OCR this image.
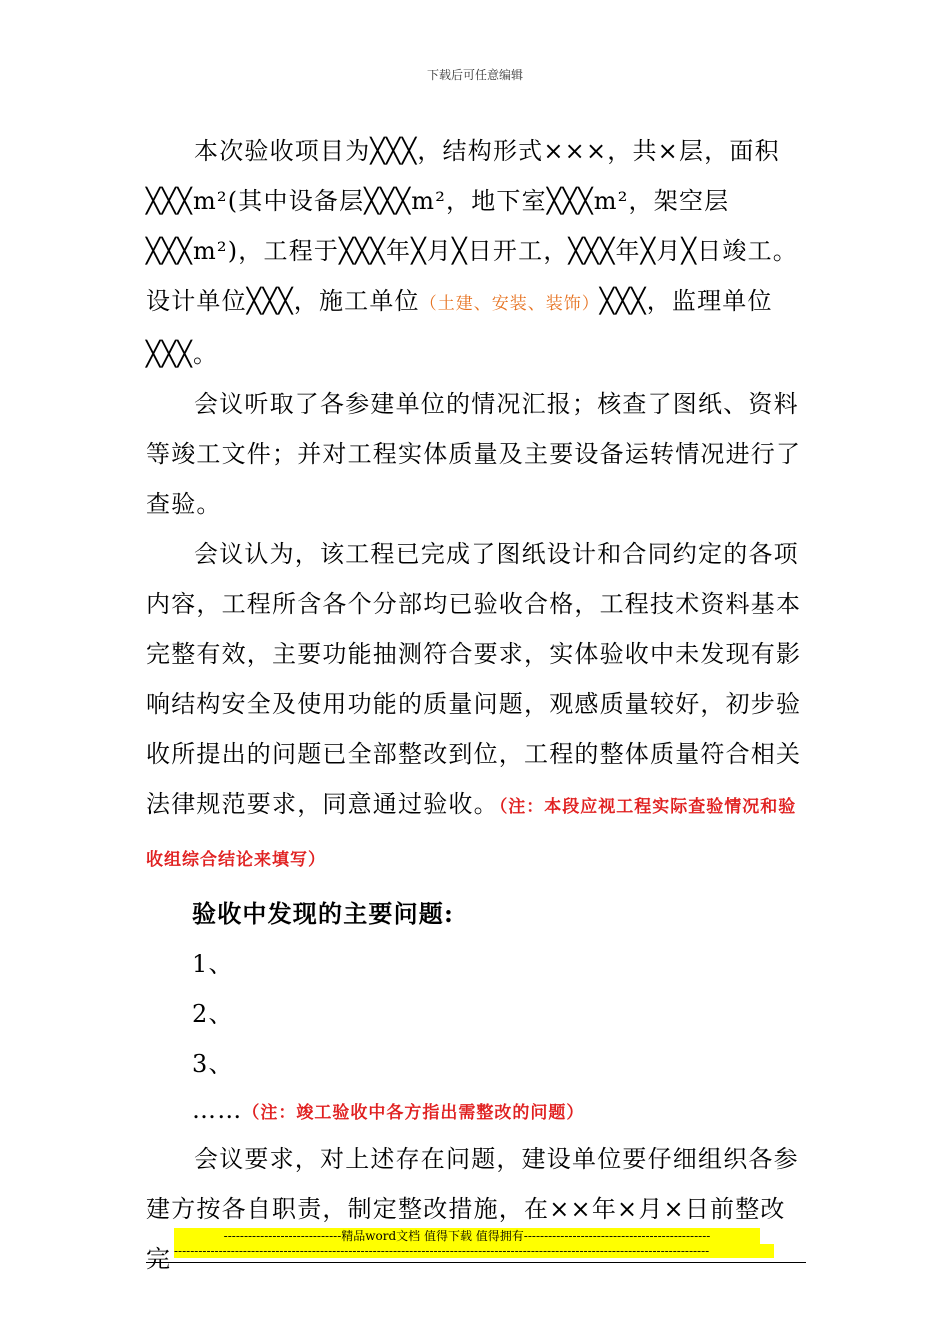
下载后可任意编辑

本次验收项目为╳╳╳，结构形式×××，共×层，面积╳╳╳m²(其中设备层╳╳╳m²，地下室╳╳╳m²，架空层╳╳╳m²)，工程于╳╳╳年╳月╳日开工，╳╳╳年╳月╳日竣工。设计单位╳╳╳，施工单位（土建、安装、装饰）╳╳╳，监理单位╳╳╳。

会议听取了各参建单位的情况汇报；核查了图纸、资料等竣工文件；并对工程实体质量及主要设备运转情况进行了查验。

会议认为，该工程已完成了图纸设计和合同约定的各项内容，工程所含各个分部均已验收合格，工程技术资料基本完整有效，主要功能抽测符合要求，实体验收中未发现有影响结构安全及使用功能的质量问题，观感质量较好，初步验收所提出的问题已全部整改到位，工程的整体质量符合相关法律规范要求，同意通过验收。（注：本段应视工程实际查验情况和验收组综合结论来填写）

验收中发现的主要问题:

1、

2、

3、

……（注：竣工验收中各方指出需整改的问题）

会议要求，对上述存在问题，建设单位要仔细组织各参建方按各自职责，制定整改措施，在××年×月×日前整改完

-----------------------------精品word文档 值得下载 值得拥有----------------------------------------------
------------------------------------------------------------------------------------------------------------------------------------
